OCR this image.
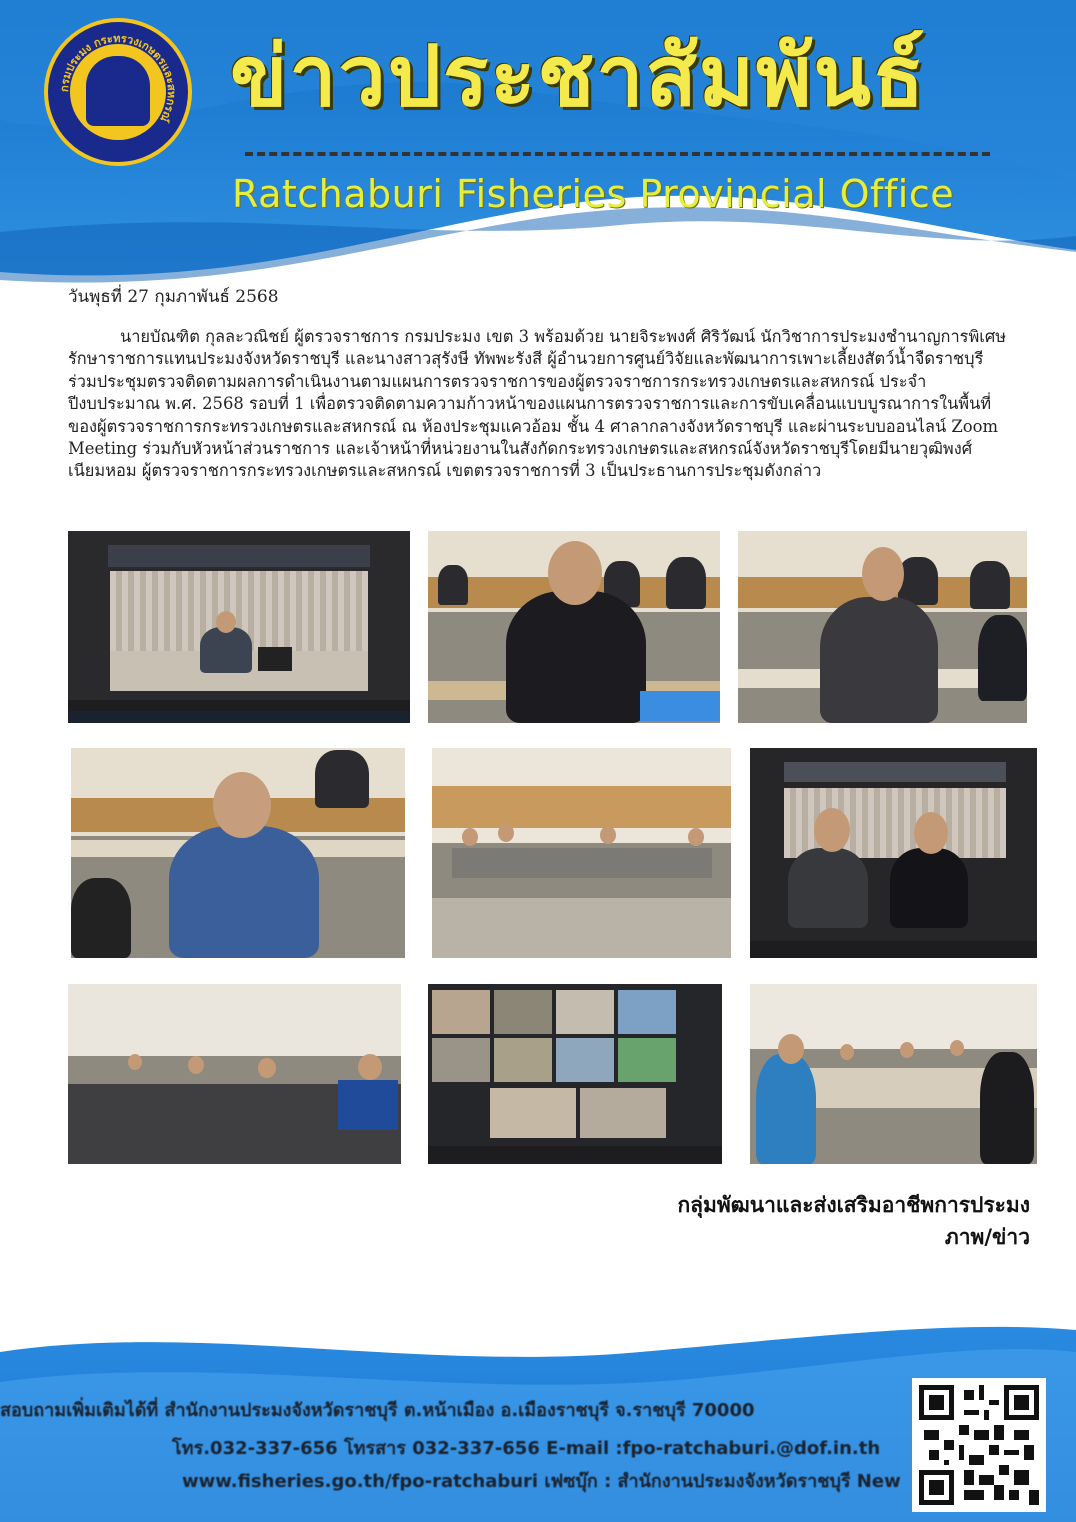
กรมประมง กระทรวงเกษตรและสหกรณ์ ข่าวประชาสัมพันธ์
Ratchaburi Fisheries Provincial Office
วันพุธที่ 27 กุมภาพันธ์ 2568

นายบัณฑิต กุลละวณิชย์ ผู้ตรวจราชการ กรมประมง เขต 3 พร้อมด้วย นายจิระพงศ์ ศิริวัฒน์ นักวิชาการประมงชำนาญการพิเศษ รักษาราชการแทนประมงจังหวัดราชบุรี และนางสาวสุรังษี ทัพพะรังสี ผู้อำนวยการศูนย์วิจัยและพัฒนาการเพาะเลี้ยงสัตว์น้ำจืดราชบุรี ร่วมประชุมตรวจติดตามผลการดำเนินงานตามแผนการตรวจราชการของผู้ตรวจราชการกระทรวงเกษตรและสหกรณ์ ประจำปีงบประมาณ พ.ศ. 2568 รอบที่ 1 เพื่อตรวจติดตามความก้าวหน้าของแผนการตรวจราชการและการขับเคลื่อนแบบบูรณาการในพื้นที่ของผู้ตรวจราชการกระทรวงเกษตรและสหกรณ์ ณ ห้องประชุมแควอ้อม ชั้น 4 ศาลากลางจังหวัดราชบุรี และผ่านระบบออนไลน์ Zoom Meeting ร่วมกับหัวหน้าส่วนราชการ และเจ้าหน้าที่หน่วยงานในสังกัดกระทรวงเกษตรและสหกรณ์จังหวัดราชบุรีโดยมีนายวุฒิพงศ์ เนียมหอม ผู้ตรวจราชการกระทรวงเกษตรและสหกรณ์ เขตตรวจราชการที่ 3 เป็นประธานการประชุมดังกล่าว

กลุ่มพัฒนาและส่งเสริมอาชีพการประมง
ภาพ/ข่าว
สอบถามเพิ่มเติมได้ที่ สำนักงานประมงจังหวัดราชบุรี ต.หน้าเมือง อ.เมืองราชบุรี จ.ราชบุรี 70000
โทร.032-337-656 โทรสาร 032-337-656 E-mail :fpo-ratchaburi.@dof.in.th
www.fisheries.go.th/fpo-ratchaburi เฟซบุ๊ก : สำนักงานประมงจังหวัดราชบุรี New
